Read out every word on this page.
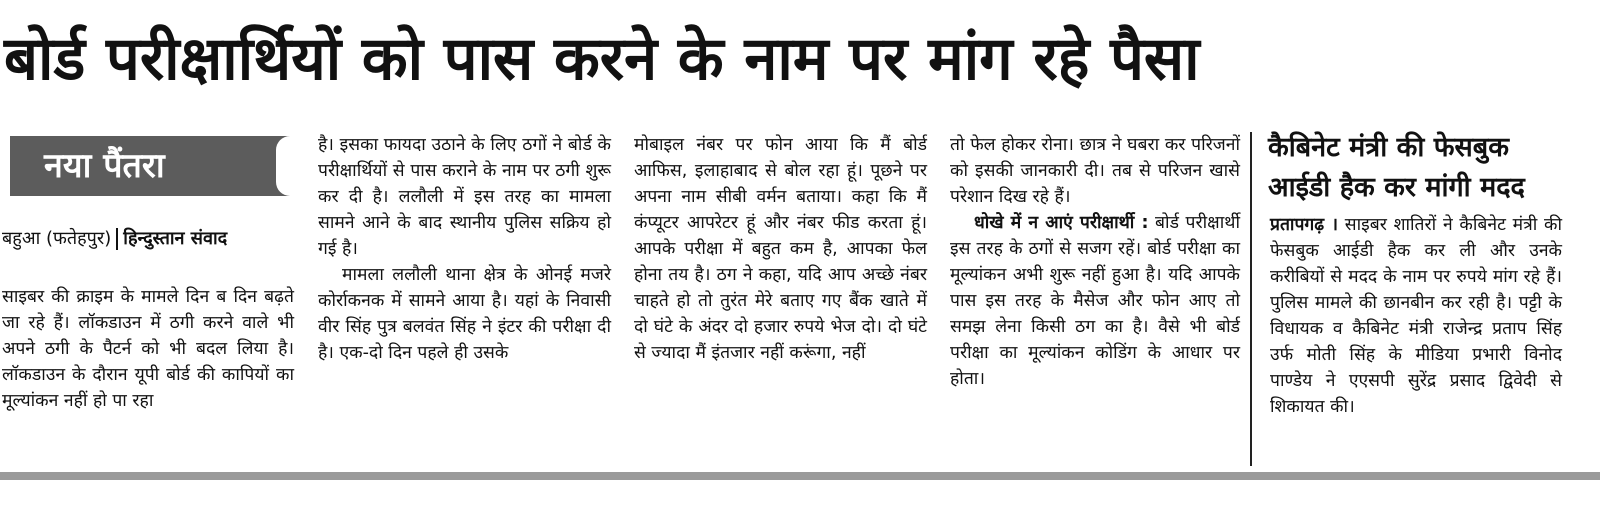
बोर्ड परीक्षार्थियों को पास करने के नाम पर मांग रहे पैसा
नया पैंतरा
बहुआ (फतेहपुर) हिन्दुस्तान संवाद

साइबर की क्राइम के मामले दिन ब दिन बढ़ते जा रहे हैं। लॉकडाउन में ठगी करने वाले भी अपने ठगी के पैटर्न को भी बदल लिया है। लॉकडाउन के दौरान यूपी बोर्ड की कापियों का मूल्यांकन नहीं हो पा रहा

है। इसका फायदा उठाने के लिए ठगों ने बोर्ड के परीक्षार्थियों से पास कराने के नाम पर ठगी शुरू कर दी है। ललौली में इस तरह का मामला सामने आने के बाद स्थानीय पुलिस सक्रिय हो गई है।

मामला ललौली थाना क्षेत्र के ओनई मजरे कोर्राकनक में सामने आया है। यहां के निवासी वीर सिंह पुत्र बलवंत सिंह ने इंटर की परीक्षा दी है। एक-दो दिन पहले ही उसके

मोबाइल नंबर पर फोन आया कि मैं बोर्ड आफिस, इलाहाबाद से बोल रहा हूं। पूछने पर अपना नाम सीबी वर्मन बताया। कहा कि मैं कंप्यूटर आपरेटर हूं और नंबर फीड करता हूं। आपके परीक्षा में बहुत कम है, आपका फेल होना तय है। ठग ने कहा, यदि आप अच्छे नंबर चाहते हो तो तुरंत मेरे बताए गए बैंक खाते में दो घंटे के अंदर दो हजार रुपये भेज दो। दो घंटे से ज्यादा मैं इंतजार नहीं करूंगा, नहीं

तो फेल होकर रोना। छात्र ने घबरा कर परिजनों को इसकी जानकारी दी। तब से परिजन खासे परेशान दिख रहे हैं।

धोखे में न आएं परीक्षार्थी : बोर्ड परीक्षार्थी इस तरह के ठगों से सजग रहें। बोर्ड परीक्षा का मूल्यांकन अभी शुरू नहीं हुआ है। यदि आपके पास इस तरह के मैसेज और फोन आए तो समझ लेना किसी ठग का है। वैसे भी बोर्ड परीक्षा का मूल्यांकन कोडिंग के आधार पर होता।

कैबिनेट मंत्री की फेसबुक आईडी हैक कर मांगी मदद

प्रतापगढ़ । साइबर शातिरों ने कैबिनेट मंत्री की फेसबुक आईडी हैक कर ली और उनके करीबियों से मदद के नाम पर रुपये मांग रहे हैं। पुलिस मामले की छानबीन कर रही है। पट्टी के विधायक व कैबिनेट मंत्री राजेन्द्र प्रताप सिंह उर्फ मोती सिंह के मीडिया प्रभारी विनोद पाण्डेय ने एएसपी सुरेंद्र प्रसाद द्विवेदी से शिकायत की।
